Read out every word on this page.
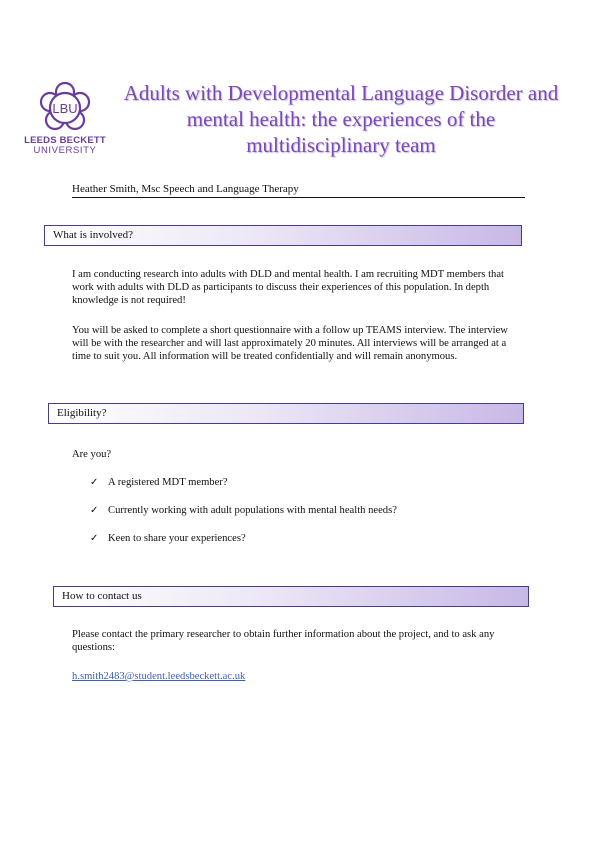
LBU
LEEDS BECKETT
UNIVERSITY
Adults with Developmental Language Disorder and
mental health: the experiences of the
multidisciplinary team
Heather Smith, Msc Speech and Language Therapy
What is involved?

I am conducting research into adults with DLD and mental health. I am recruiting MDT members that work with adults with DLD as participants to discuss their experiences of this population. In depth knowledge is not required!

You will be asked to complete a short questionnaire with a follow up TEAMS interview. The interview will be with the researcher and will last approximately 20 minutes. All interviews will be arranged at a time to suit you. All information will be treated confidentially and will remain anonymous.

Eligibility?

Are you?

✓ A registered MDT member?
✓ Currently working with adult populations with mental health needs?
✓ Keen to share your experiences?
How to contact us

Please contact the primary researcher to obtain further information about the project, and to ask any questions:

h.smith2483@student.leedsbeckett.ac.uk
